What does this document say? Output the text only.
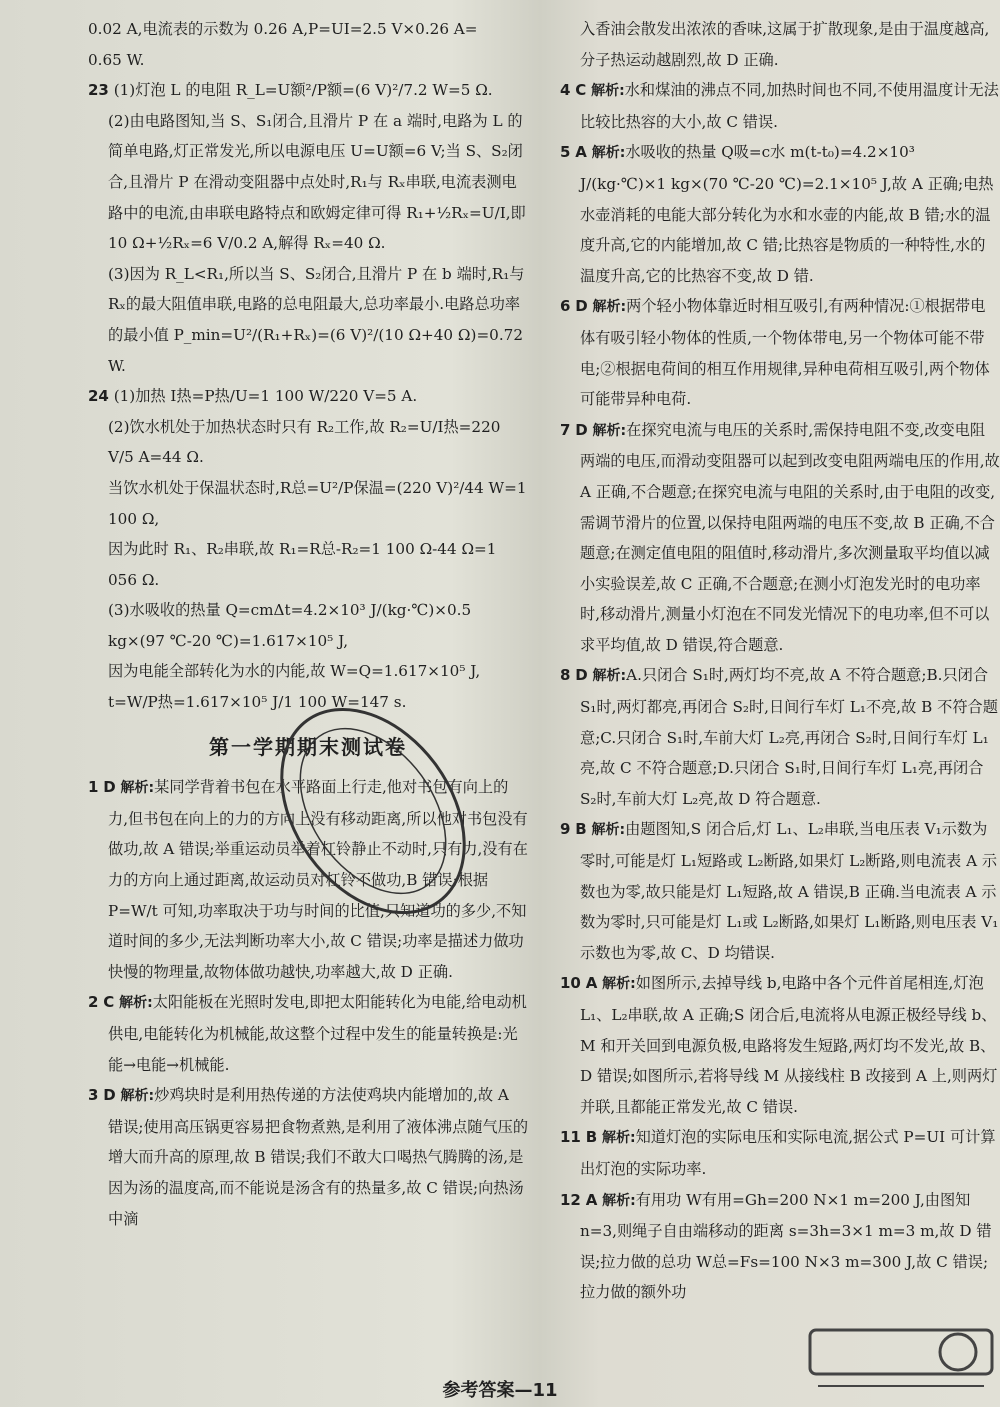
0.02 A,电流表的示数为 0.26 A,P=UI=2.5 V×0.26 A=

0.65 W.

23 (1)灯泡 L 的电阻 R_L=U额²/P额=(6 V)²/7.2 W=5 Ω.

(2)由电路图知,当 S、S₁闭合,且滑片 P 在 a 端时,电路为 L 的简单电路,灯正常发光,所以电源电压 U=U额=6 V;当 S、S₂闭合,且滑片 P 在滑动变阻器中点处时,R₁与 Rₓ串联,电流表测电路中的电流,由串联电路特点和欧姆定律可得 R₁+½Rₓ=U/I,即 10 Ω+½Rₓ=6 V/0.2 A,解得 Rₓ=40 Ω.

(3)因为 R_L<R₁,所以当 S、S₂闭合,且滑片 P 在 b 端时,R₁与 Rₓ的最大阻值串联,电路的总电阻最大,总功率最小.电路总功率的最小值 P_min=U²/(R₁+Rₓ)=(6 V)²/(10 Ω+40 Ω)=0.72 W.

24 (1)加热 I热=P热/U=1 100 W/220 V=5 A.

(2)饮水机处于加热状态时只有 R₂工作,故 R₂=U/I热=220 V/5 A=44 Ω.

当饮水机处于保温状态时,R总=U²/P保温=(220 V)²/44 W=1 100 Ω,

因为此时 R₁、R₂串联,故 R₁=R总-R₂=1 100 Ω-44 Ω=1 056 Ω.

(3)水吸收的热量 Q=cmΔt=4.2×10³ J/(kg·℃)×0.5 kg×(97 ℃-20 ℃)=1.617×10⁵ J,

因为电能全部转化为水的内能,故 W=Q=1.617×10⁵ J,

t=W/P热=1.617×10⁵ J/1 100 W=147 s.

第一学期期末测试卷
1 D 解析:某同学背着书包在水平路面上行走,他对书包有向上的力,但书包在向上的力的方向上没有移动距离,所以他对书包没有做功,故 A 错误;举重运动员举着杠铃静止不动时,只有力,没有在力的方向上通过距离,故运动员对杠铃不做功,B 错误;根据 P=W/t 可知,功率取决于功与时间的比值,只知道功的多少,不知道时间的多少,无法判断功率大小,故 C 错误;功率是描述力做功快慢的物理量,故物体做功越快,功率越大,故 D 正确.
2 C 解析:太阳能板在光照时发电,即把太阳能转化为电能,给电动机供电,电能转化为机械能,故这整个过程中发生的能量转换是:光能→电能→机械能.
3 D 解析:炒鸡块时是利用热传递的方法使鸡块内能增加的,故 A 错误;使用高压锅更容易把食物煮熟,是利用了液体沸点随气压的增大而升高的原理,故 B 错误;我们不敢大口喝热气腾腾的汤,是因为汤的温度高,而不能说是汤含有的热量多,故 C 错误;向热汤中滴

入香油会散发出浓浓的香味,这属于扩散现象,是由于温度越高,分子热运动越剧烈,故 D 正确.

4 C 解析:水和煤油的沸点不同,加热时间也不同,不使用温度计无法比较比热容的大小,故 C 错误.
5 A 解析:水吸收的热量 Q吸=c水 m(t-t₀)=4.2×10³ J/(kg·℃)×1 kg×(70 ℃-20 ℃)=2.1×10⁵ J,故 A 正确;电热水壶消耗的电能大部分转化为水和水壶的内能,故 B 错;水的温度升高,它的内能增加,故 C 错;比热容是物质的一种特性,水的温度升高,它的比热容不变,故 D 错.
6 D 解析:两个轻小物体靠近时相互吸引,有两种情况:①根据带电体有吸引轻小物体的性质,一个物体带电,另一个物体可能不带电;②根据电荷间的相互作用规律,异种电荷相互吸引,两个物体可能带异种电荷.
7 D 解析:在探究电流与电压的关系时,需保持电阻不变,改变电阻两端的电压,而滑动变阻器可以起到改变电阻两端电压的作用,故 A 正确,不合题意;在探究电流与电阻的关系时,由于电阻的改变,需调节滑片的位置,以保持电阻两端的电压不变,故 B 正确,不合题意;在测定值电阻的阻值时,移动滑片,多次测量取平均值以减小实验误差,故 C 正确,不合题意;在测小灯泡发光时的电功率时,移动滑片,测量小灯泡在不同发光情况下的电功率,但不可以求平均值,故 D 错误,符合题意.
8 D 解析:A.只闭合 S₁时,两灯均不亮,故 A 不符合题意;B.只闭合 S₁时,两灯都亮,再闭合 S₂时,日间行车灯 L₁不亮,故 B 不符合题意;C.只闭合 S₁时,车前大灯 L₂亮,再闭合 S₂时,日间行车灯 L₁亮,故 C 不符合题意;D.只闭合 S₁时,日间行车灯 L₁亮,再闭合 S₂时,车前大灯 L₂亮,故 D 符合题意.
9 B 解析:由题图知,S 闭合后,灯 L₁、L₂串联,当电压表 V₁示数为零时,可能是灯 L₁短路或 L₂断路,如果灯 L₂断路,则电流表 A 示数也为零,故只能是灯 L₁短路,故 A 错误,B 正确.当电流表 A 示数为零时,只可能是灯 L₁或 L₂断路,如果灯 L₁断路,则电压表 V₁示数也为零,故 C、D 均错误.
10 A 解析:如图所示,去掉导线 b,电路中各个元件首尾相连,灯泡 L₁、L₂串联,故 A 正确;S 闭合后,电流将从电源正极经导线 b、M 和开关回到电源负极,电路将发生短路,两灯均不发光,故 B、D 错误;如图所示,若将导线 M 从接线柱 B 改接到 A 上,则两灯并联,且都能正常发光,故 C 错误.
11 B 解析:知道灯泡的实际电压和实际电流,据公式 P=UI 可计算出灯泡的实际功率.
12 A 解析:有用功 W有用=Gh=200 N×1 m=200 J,由图知 n=3,则绳子自由端移动的距离 s=3h=3×1 m=3 m,故 D 错误;拉力做的总功 W总=Fs=100 N×3 m=300 J,故 C 错误;拉力做的额外功
参考答案—11
